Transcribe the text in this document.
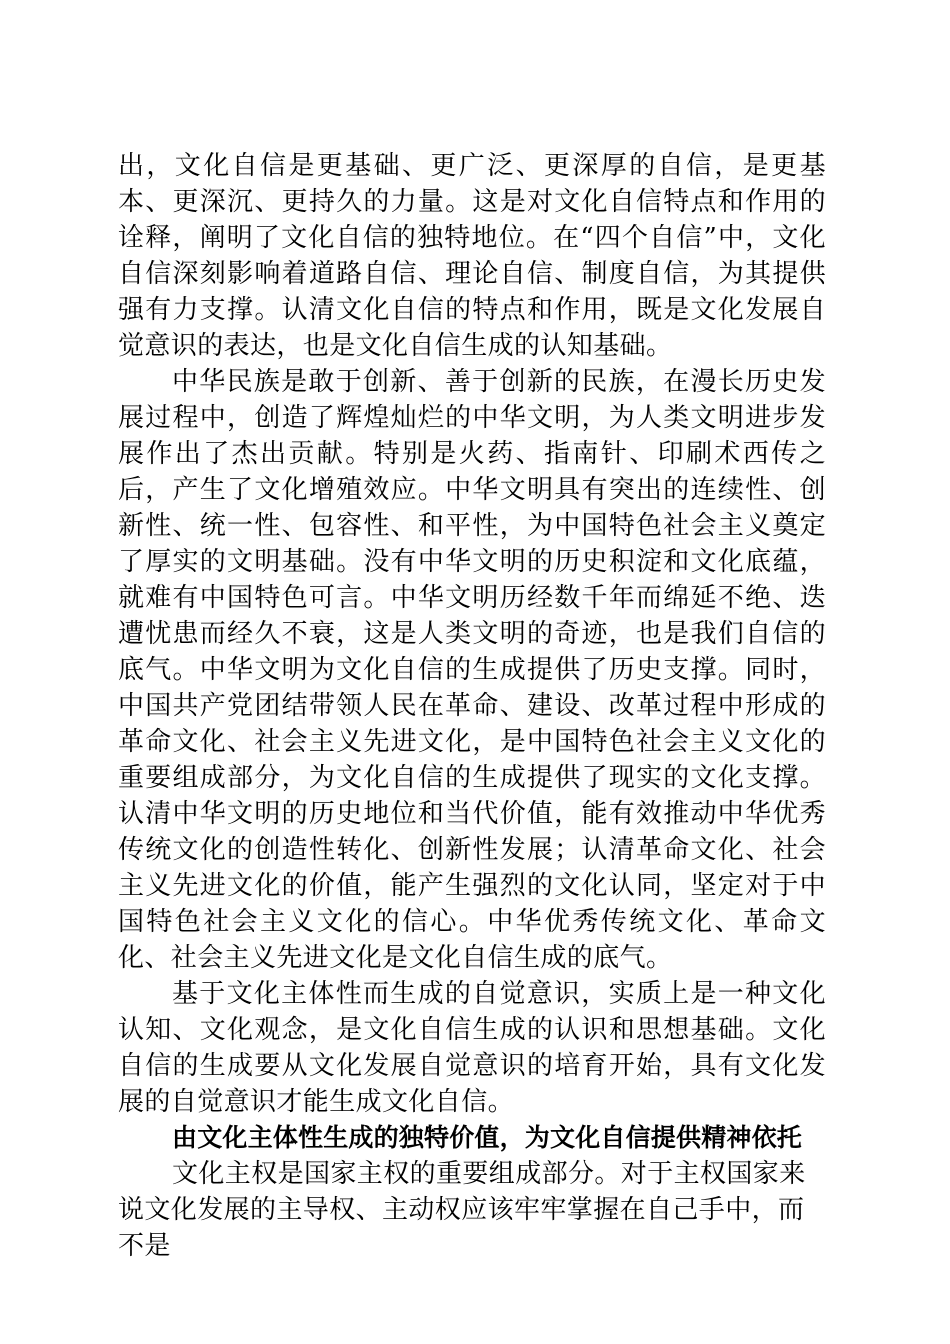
出，文化自信是更基础、更广泛、更深厚的自信，是更基本、更深沉、更持久的力量。这是对文化自信特点和作用的诠释，阐明了文化自信的独特地位。在“四个自信”中，文化自信深刻影响着道路自信、理论自信、制度自信，为其提供强有力支撑。认清文化自信的特点和作用，既是文化发展自觉意识的表达，也是文化自信生成的认知基础。

中华民族是敢于创新、善于创新的民族，在漫长历史发展过程中，创造了辉煌灿烂的中华文明，为人类文明进步发展作出了杰出贡献。特别是火药、指南针、印刷术西传之后，产生了文化增殖效应。中华文明具有突出的连续性、创新性、统一性、包容性、和平性，为中国特色社会主义奠定了厚实的文明基础。没有中华文明的历史积淀和文化底蕴，就难有中国特色可言。中华文明历经数千年而绵延不绝、迭遭忧患而经久不衰，这是人类文明的奇迹，也是我们自信的底气。中华文明为文化自信的生成提供了历史支撑。同时，中国共产党团结带领人民在革命、建设、改革过程中形成的革命文化、社会主义先进文化，是中国特色社会主义文化的重要组成部分，为文化自信的生成提供了现实的文化支撑。认清中华文明的历史地位和当代价值，能有效推动中华优秀传统文化的创造性转化、创新性发展；认清革命文化、社会主义先进文化的价值，能产生强烈的文化认同，坚定对于中国特色社会主义文化的信心。中华优秀传统文化、革命文化、社会主义先进文化是文化自信生成的底气。

基于文化主体性而生成的自觉意识，实质上是一种文化认知、文化观念，是文化自信生成的认识和思想基础。文化自信的生成要从文化发展自觉意识的培育开始，具有文化发展的自觉意识才能生成文化自信。

由文化主体性生成的独特价值，为文化自信提供精神依托

文化主权是国家主权的重要组成部分。对于主权国家来说文化发展的主导权、主动权应该牢牢掌握在自己手中，而不是
